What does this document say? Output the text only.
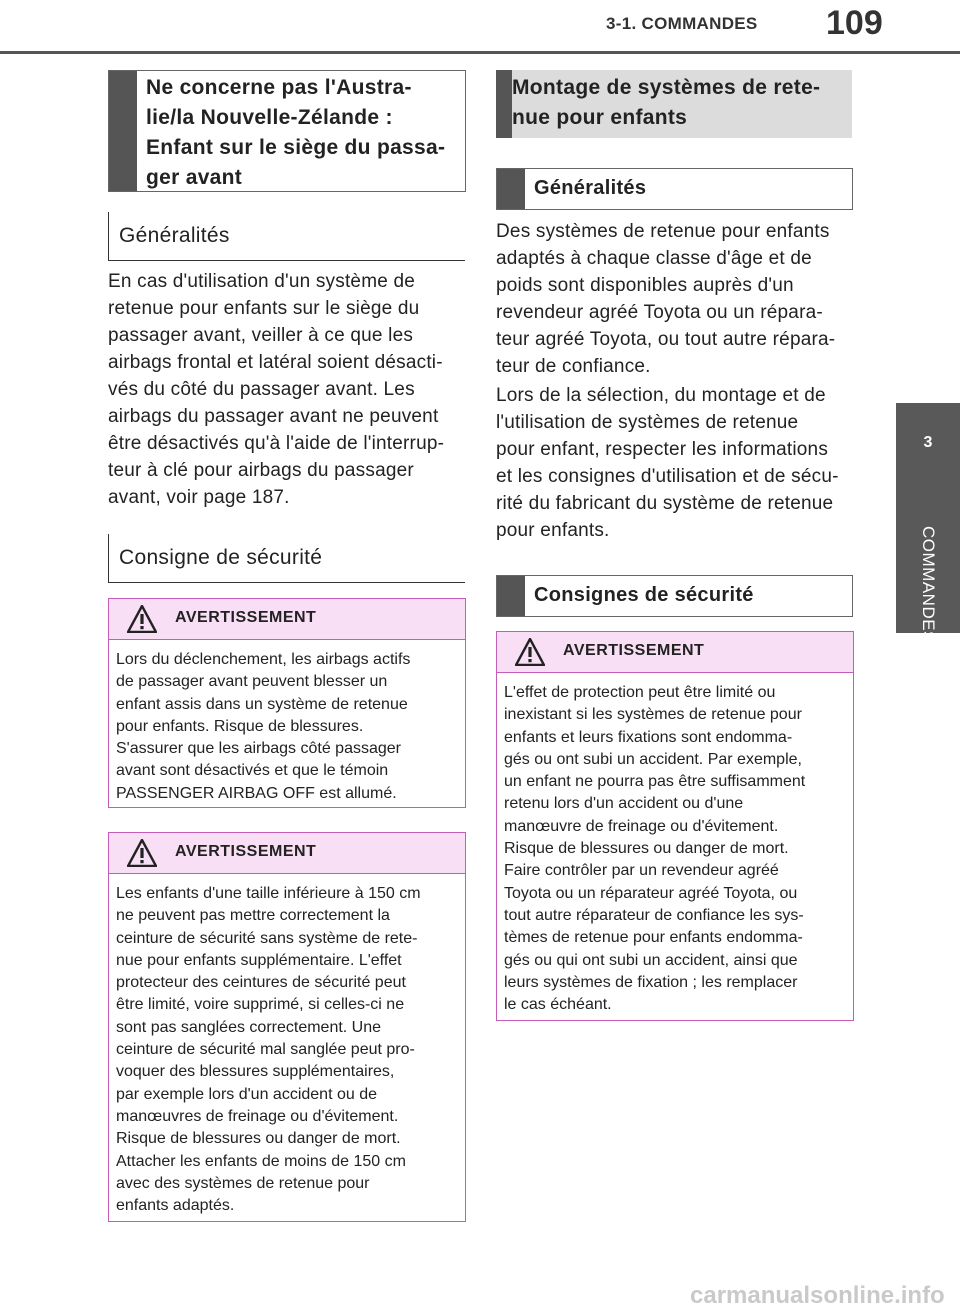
3-1. COMMANDES 109
3
COMMANDES
Ne concerne pas l'Austra-
lie/la Nouvelle-Zélande :
Enfant sur le siège du passa-
ger avant
Généralités
En cas d'utilisation d'un système de
retenue pour enfants sur le siège du
passager avant, veiller à ce que les
airbags frontal et latéral soient désacti-
vés du côté du passager avant. Les
airbags du passager avant ne peuvent
être désactivés qu'à l'aide de l'interrup-
teur à clé pour airbags du passager
avant, voir page 187.
Consigne de sécurité
AVERTISSEMENT
Lors du déclenchement, les airbags actifs
de passager avant peuvent blesser un
enfant assis dans un système de retenue
pour enfants. Risque de blessures.
S'assurer que les airbags côté passager
avant sont désactivés et que le témoin
PASSENGER AIRBAG OFF est allumé.
AVERTISSEMENT
Les enfants d'une taille inférieure à 150 cm
ne peuvent pas mettre correctement la
ceinture de sécurité sans système de rete-
nue pour enfants supplémentaire. L'effet
protecteur des ceintures de sécurité peut
être limité, voire supprimé, si celles-ci ne
sont pas sanglées correctement. Une
ceinture de sécurité mal sanglée peut pro-
voquer des blessures supplémentaires,
par exemple lors d'un accident ou de
manœuvres de freinage ou d'évitement.
Risque de blessures ou danger de mort.
Attacher les enfants de moins de 150 cm
avec des systèmes de retenue pour
enfants adaptés.
Montage de systèmes de rete-
nue pour enfants
Généralités
Des systèmes de retenue pour enfants
adaptés à chaque classe d'âge et de
poids sont disponibles auprès d'un
revendeur agréé Toyota ou un répara-
teur agréé Toyota, ou tout autre répara-
teur de confiance.
Lors de la sélection, du montage et de
l'utilisation de systèmes de retenue
pour enfant, respecter les informations
et les consignes d'utilisation et de sécu-
rité du fabricant du système de retenue
pour enfants.
Consignes de sécurité
AVERTISSEMENT
L'effet de protection peut être limité ou
inexistant si les systèmes de retenue pour
enfants et leurs fixations sont endomma-
gés ou ont subi un accident. Par exemple,
un enfant ne pourra pas être suffisamment
retenu lors d'un accident ou d'une
manœuvre de freinage ou d'évitement.
Risque de blessures ou danger de mort.
Faire contrôler par un revendeur agréé
Toyota ou un réparateur agréé Toyota, ou
tout autre réparateur de confiance les sys-
tèmes de retenue pour enfants endomma-
gés ou qui ont subi un accident, ainsi que
leurs systèmes de fixation ; les remplacer
le cas échéant.
carmanualsonline.info
